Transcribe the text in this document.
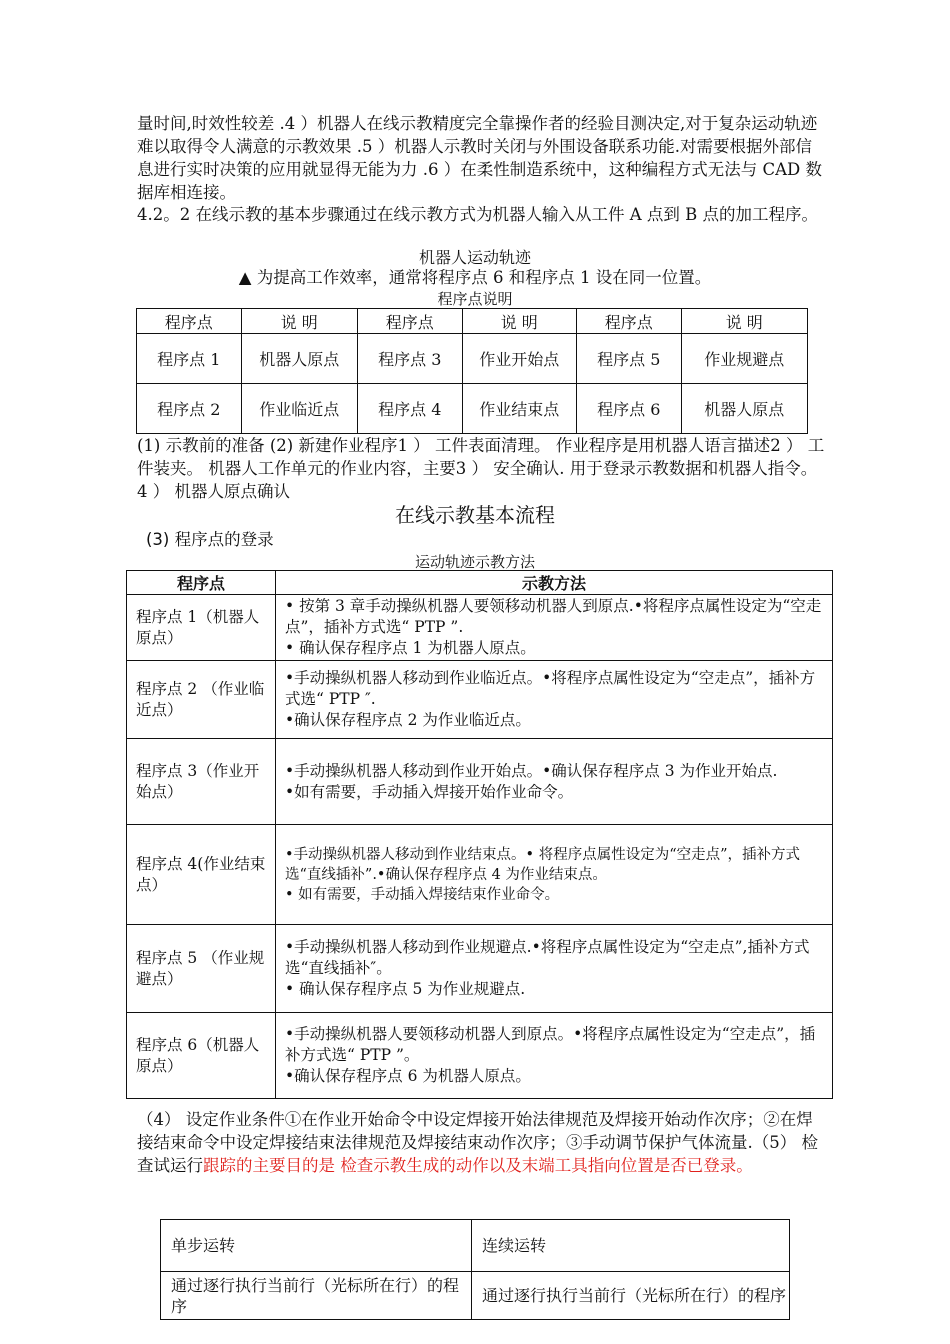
量时间,时效性较差 .4 ）机器人在线示教精度完全靠操作者的经验目测决定,对于复杂运动轨迹难以取得令人满意的示教效果 .5 ）机器人示教时关闭与外围设备联系功能.对需要根据外部信息进行实时决策的应用就显得无能为力 .6 ）在柔性制造系统中，这种编程方式无法与 CAD 数据库相连接。

4.2。2 在线示教的基本步骤通过在线示教方式为机器人输入从工件 A 点到 B 点的加工程序。

机器人运动轨迹
▲ 为提高工作效率，通常将程序点 6 和程序点 1 设在同一位置。
程序点说明
程序点	说 明	程序点	说 明	程序点	说 明
程序点 1	机器人原点	程序点 3	作业开始点	程序点 5	作业规避点
程序点 2	作业临近点	程序点 4	作业结束点	程序点 6	机器人原点

(1) 示教前的准备 (2) 新建作业程序1 ） 工件表面清理。 作业程序是用机器人语言描述2 ） 工件装夹。 机器人工作单元的作业内容，主要3 ） 安全确认. 用于登录示教数据和机器人指令。4 ） 机器人原点确认

在线示教基本流程
(3) 程序点的登录
运动轨迹示教方法
程序点	示教方法
程序点 1（机器人原点）	• 按第 3 章手动操纵机器人要领移动机器人到原点.•将程序点属性设定为“空走点”，插补方式选“ PTP ”.
• 确认保存程序点 1 为机器人原点。
程序点 2 （作业临近点）	•手动操纵机器人移动到作业临近点。•将程序点属性设定为“空走点”，插补方式选“ PTP ″.
•确认保存程序点 2 为作业临近点。
程序点 3（作业开始点）	•手动操纵机器人移动到作业开始点。•确认保存程序点 3 为作业开始点.
•如有需要，手动插入焊接开始作业命令。
程序点 4(作业结束点）	•手动操纵机器人移动到作业结束点。• 将程序点属性设定为“空走点”，插补方式选“直线插补”.•确认保存程序点 4 为作业结束点。
• 如有需要，手动插入焊接结束作业命令。
程序点 5 （作业规避点）	•手动操纵机器人移动到作业规避点.•将程序点属性设定为“空走点”,插补方式选“直线插补″。
• 确认保存程序点 5 为作业规避点.
程序点 6（机器人原点）	•手动操纵机器人要领移动机器人到原点。•将程序点属性设定为“空走点”，插补方式选“ PTP ”。
•确认保存程序点 6 为机器人原点。

（4） 设定作业条件①在作业开始命令中设定焊接开始法律规范及焊接开始动作次序；②在焊接结束命令中设定焊接结束法律规范及焊接结束动作次序；③手动调节保护气体流量.（5） 检查试运行跟踪的主要目的是 检查示教生成的动作以及末端工具指向位置是否已登录。

单步运转	连续运转
通过逐行执行当前行（光标所在行）的程序	通过逐行执行当前行（光标所在行）的程序
